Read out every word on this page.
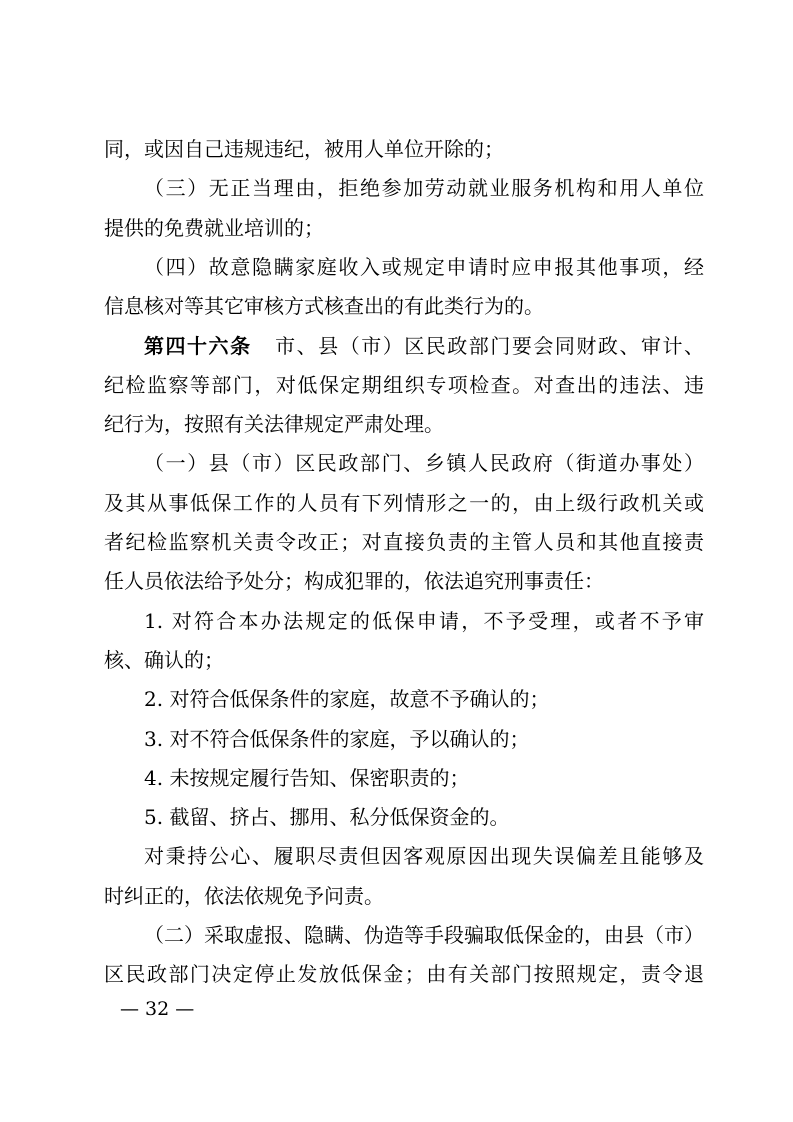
同，或因自己违规违纪，被用人单位开除的；
（三）无正当理由，拒绝参加劳动就业服务机构和用人单位
提供的免费就业培训的；
（四）故意隐瞒家庭收入或规定申请时应申报其他事项，经
信息核对等其它审核方式核查出的有此类行为的。
第四十六条 市、县（市）区民政部门要会同财政、审计、
纪检监察等部门，对低保定期组织专项检查。对查出的违法、违
纪行为，按照有关法律规定严肃处理。
（一）县（市）区民政部门、乡镇人民政府（街道办事处）
及其从事低保工作的人员有下列情形之一的，由上级行政机关或
者纪检监察机关责令改正；对直接负责的主管人员和其他直接责
任人员依法给予处分；构成犯罪的，依法追究刑事责任：
1. 对符合本办法规定的低保申请，不予受理，或者不予审
核、确认的；
2. 对符合低保条件的家庭，故意不予确认的；
3. 对不符合低保条件的家庭，予以确认的；
4. 未按规定履行告知、保密职责的；
5. 截留、挤占、挪用、私分低保资金的。
对秉持公心、履职尽责但因客观原因出现失误偏差且能够及
时纠正的，依法依规免予问责。
（二）采取虚报、隐瞒、伪造等手段骗取低保金的，由县（市）
区民政部门决定停止发放低保金；由有关部门按照规定，责令退
— 32 —
